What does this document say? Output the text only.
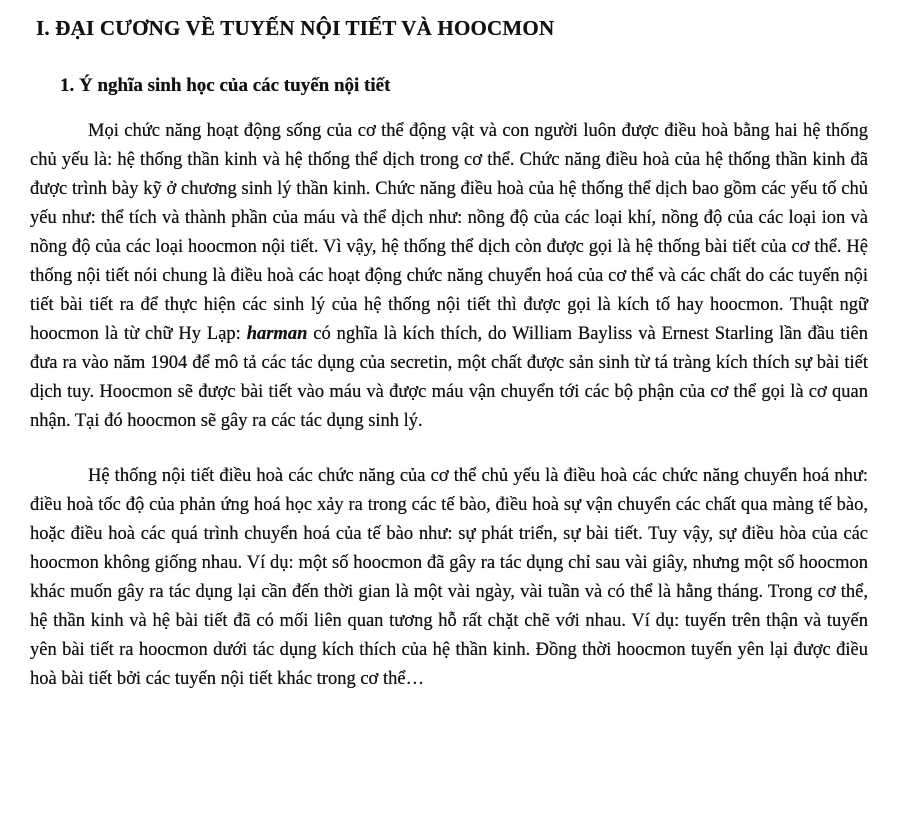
I. ĐẠI CƯƠNG VỀ TUYẾN NỘI TIẾT VÀ HOOCMON
1. Ý nghĩa sinh học của các tuyến nội tiết

Mọi chức năng hoạt động sống của cơ thể động vật và con người luôn được điều hoà bằng hai hệ thống chủ yếu là: hệ thống thần kinh và hệ thống thể dịch trong cơ thể. Chức năng điều hoà của hệ thống thần kinh đã được trình bày kỹ ở chương sinh lý thần kinh. Chức năng điều hoà của hệ thống thể dịch bao gồm các yếu tố chủ yếu như: thể tích và thành phần của máu và thể dịch như: nồng độ của các loại khí, nồng độ của các loại ion và nồng độ của các loại hoocmon nội tiết. Vì vậy, hệ thống thể dịch còn được gọi là hệ thống bài tiết của cơ thể. Hệ thống nội tiết nói chung là điều hoà các hoạt động chức năng chuyển hoá của cơ thể và các chất do các tuyến nội tiết bài tiết ra để thực hiện các sinh lý của hệ thống nội tiết thì được gọi là kích tố hay hoocmon. Thuật ngữ hoocmon là từ chữ Hy Lạp: harman có nghĩa là kích thích, do William Bayliss và Ernest Starling lần đầu tiên đưa ra vào năm 1904 để mô tả các tác dụng của secretin, một chất được sản sinh từ tá tràng kích thích sự bài tiết dịch tuy. Hoocmon sẽ được bài tiết vào máu và được máu vận chuyển tới các bộ phận của cơ thể gọi là cơ quan nhận. Tại đó hoocmon sẽ gây ra các tác dụng sinh lý.

Hệ thống nội tiết điều hoà các chức năng của cơ thể chủ yếu là điều hoà các chức năng chuyển hoá như: điều hoà tốc độ của phản ứng hoá học xảy ra trong các tế bào, điều hoà sự vận chuyển các chất qua màng tế bào, hoặc điều hoà các quá trình chuyển hoá của tế bào như: sự phát triển, sự bài tiết. Tuy vậy, sự điều hòa của các hoocmon không giống nhau. Ví dụ: một số hoocmon đã gây ra tác dụng chỉ sau vài giây, nhưng một số hoocmon khác muốn gây ra tác dụng lại cần đến thời gian là một vài ngày, vài tuần và có thể là hằng tháng. Trong cơ thể, hệ thần kinh và hệ bài tiết đã có mối liên quan tương hỗ rất chặt chẽ với nhau. Ví dụ: tuyến trên thận và tuyến yên bài tiết ra hoocmon dưới tác dụng kích thích của hệ thần kinh. Đồng thời hoocmon tuyến yên lại được điều hoà bài tiết bởi các tuyến nội tiết khác trong cơ thể…
